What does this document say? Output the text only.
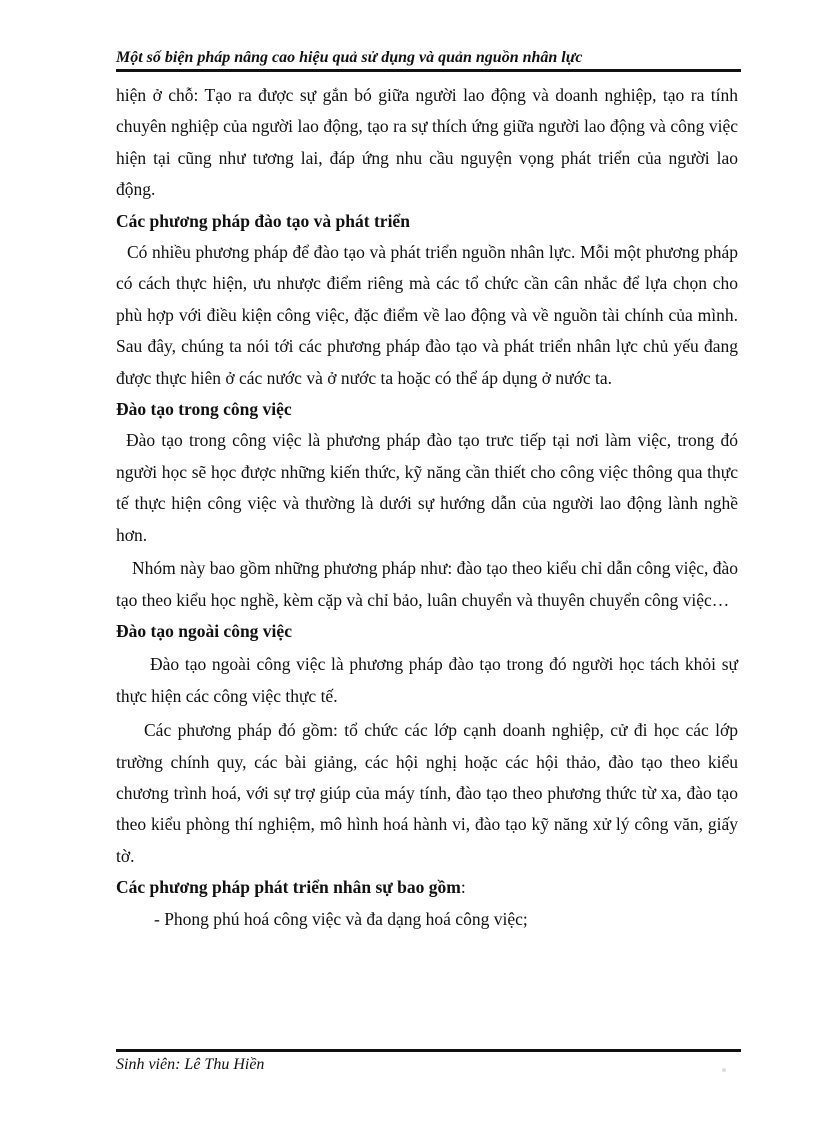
Một số biện pháp nâng cao hiệu quả sử dụng và quản nguồn nhân lực

hiện ở chỗ: Tạo ra được sự gắn bó giữa người lao động và doanh nghiệp, tạo ra tính chuyên nghiệp của người lao động, tạo ra sự thích ứng giữa người lao động và công việc hiện tại cũng như tương lai, đáp ứng nhu cầu nguyện vọng phát triển của người lao động.

Các phương pháp đào tạo và phát triển

Có nhiều phương pháp để đào tạo và phát triển nguồn nhân lực. Mỗi một phương pháp có cách thực hiện, ưu nhược điểm riêng mà các tổ chức cần cân nhắc để lựa chọn cho phù hợp với điều kiện công việc, đặc điểm về lao động và về nguồn tài chính của mình. Sau đây, chúng ta nói tới các phương pháp đào tạo và phát triển nhân lực chủ yếu đang được thực hiên ở các nước và ở nước ta hoặc có thể áp dụng ở nước ta.

Đào tạo trong công việc

Đào tạo trong công việc là phương pháp đào tạo trưc tiếp tại nơi làm việc, trong đó người học sẽ học được những kiến thức, kỹ năng cần thiết cho công việc thông qua thực tế thực hiện công việc và thường là dưới sự hướng dẫn của người lao động lành nghề hơn.

Nhóm này bao gồm những phương pháp như: đào tạo theo kiểu chỉ dẫn công việc, đào tạo theo kiểu học nghề, kèm cặp và chỉ bảo, luân chuyển và thuyên chuyển công việc…

Đào tạo ngoài công việc

Đào tạo ngoài công việc là phương pháp đào tạo trong đó người học tách khỏi sự thực hiện các công việc thực tế.

Các phương pháp đó gồm: tổ chức các lớp cạnh doanh nghiệp, cử đi học các lớp trường chính quy, các bài giảng, các hội nghị hoặc các hội thảo, đào tạo theo kiểu chương trình hoá, với sự trợ giúp của máy tính, đào tạo theo phương thức từ xa, đào tạo theo kiểu phòng thí nghiệm, mô hình hoá hành vi, đào tạo kỹ năng xử lý công văn, giấy tờ.

Các phương pháp phát triển nhân sự bao gồm:

- Phong phú hoá công việc và đa dạng hoá công việc;

Sinh viên: Lê Thu Hiền
